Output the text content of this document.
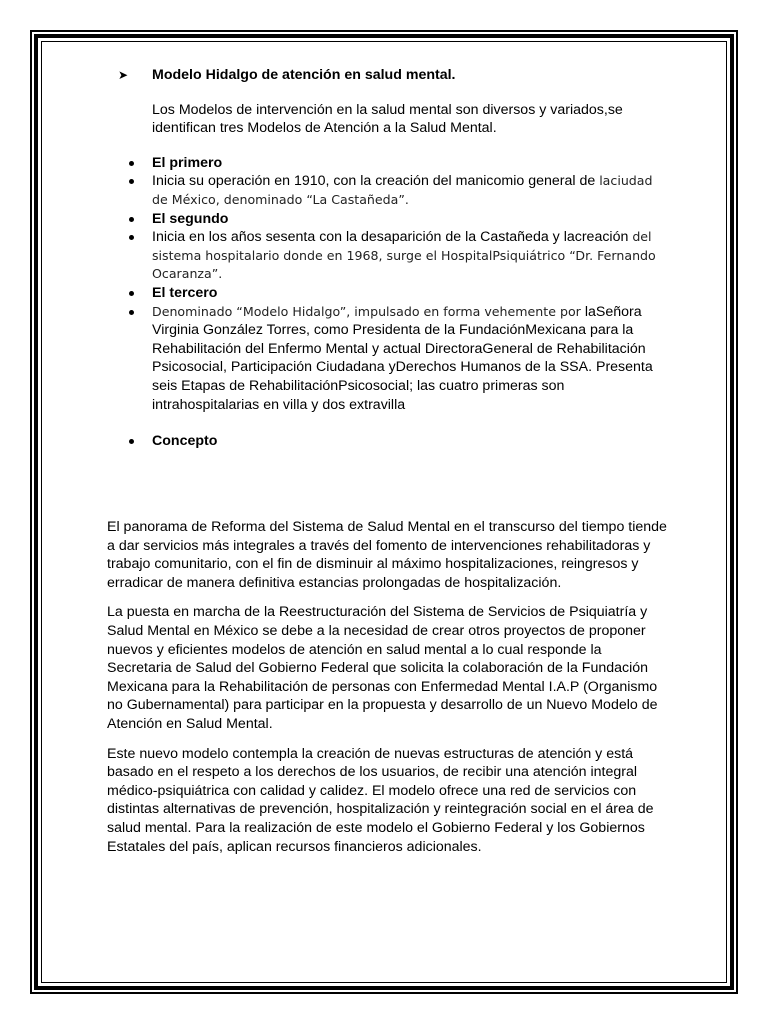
➤ Modelo Hidalgo de atención en salud mental.

Los Modelos de intervención en la salud mental son diversos y variados,se identifican tres Modelos de Atención a la Salud Mental.

El primero
Inicia su operación en 1910, con la creación del manicomio general de laciudad de México, denominado “La Castañeda”.
El segundo
Inicia en los años sesenta con la desaparición de la Castañeda y lacreación del sistema hospitalario donde en 1968, surge el HospitalPsiquiátrico “Dr. Fernando Ocaranza”.
El tercero
Denominado “Modelo Hidalgo”, impulsado en forma vehemente por laSeñora Virginia González Torres, como Presidenta de la FundaciónMexicana para la Rehabilitación del Enfermo Mental y actual DirectoraGeneral de Rehabilitación Psicosocial, Participación Ciudadana yDerechos Humanos de la SSA. Presenta seis Etapas de RehabilitaciónPsicosocial; las cuatro primeras son intrahospitalarias en villa y dos extravilla
Concepto

El panorama de Reforma del Sistema de Salud Mental en el transcurso del tiempo tiende a dar servicios más integrales a través del fomento de intervenciones rehabilitadoras y trabajo comunitario, con el fin de disminuir al máximo hospitalizaciones, reingresos y erradicar de manera definitiva estancias prolongadas de hospitalización.

La puesta en marcha de la Reestructuración del Sistema de Servicios de Psiquiatría y Salud Mental en México se debe a la necesidad de crear otros proyectos de proponer nuevos y eficientes modelos de atención en salud mental a lo cual responde la Secretaria de Salud del Gobierno Federal que solicita la colaboración de la Fundación Mexicana para la Rehabilitación de personas con Enfermedad Mental I.A.P (Organismo no Gubernamental) para participar en la propuesta y desarrollo de un Nuevo Modelo de Atención en Salud Mental.

Este nuevo modelo contempla la creación de nuevas estructuras de atención y está basado en el respeto a los derechos de los usuarios, de recibir una atención integral médico-psiquiátrica con calidad y calidez. El modelo ofrece una red de servicios con distintas alternativas de prevención, hospitalización y reintegración social en el área de salud mental. Para la realización de este modelo el Gobierno Federal y los Gobiernos Estatales del país, aplican recursos financieros adicionales.
